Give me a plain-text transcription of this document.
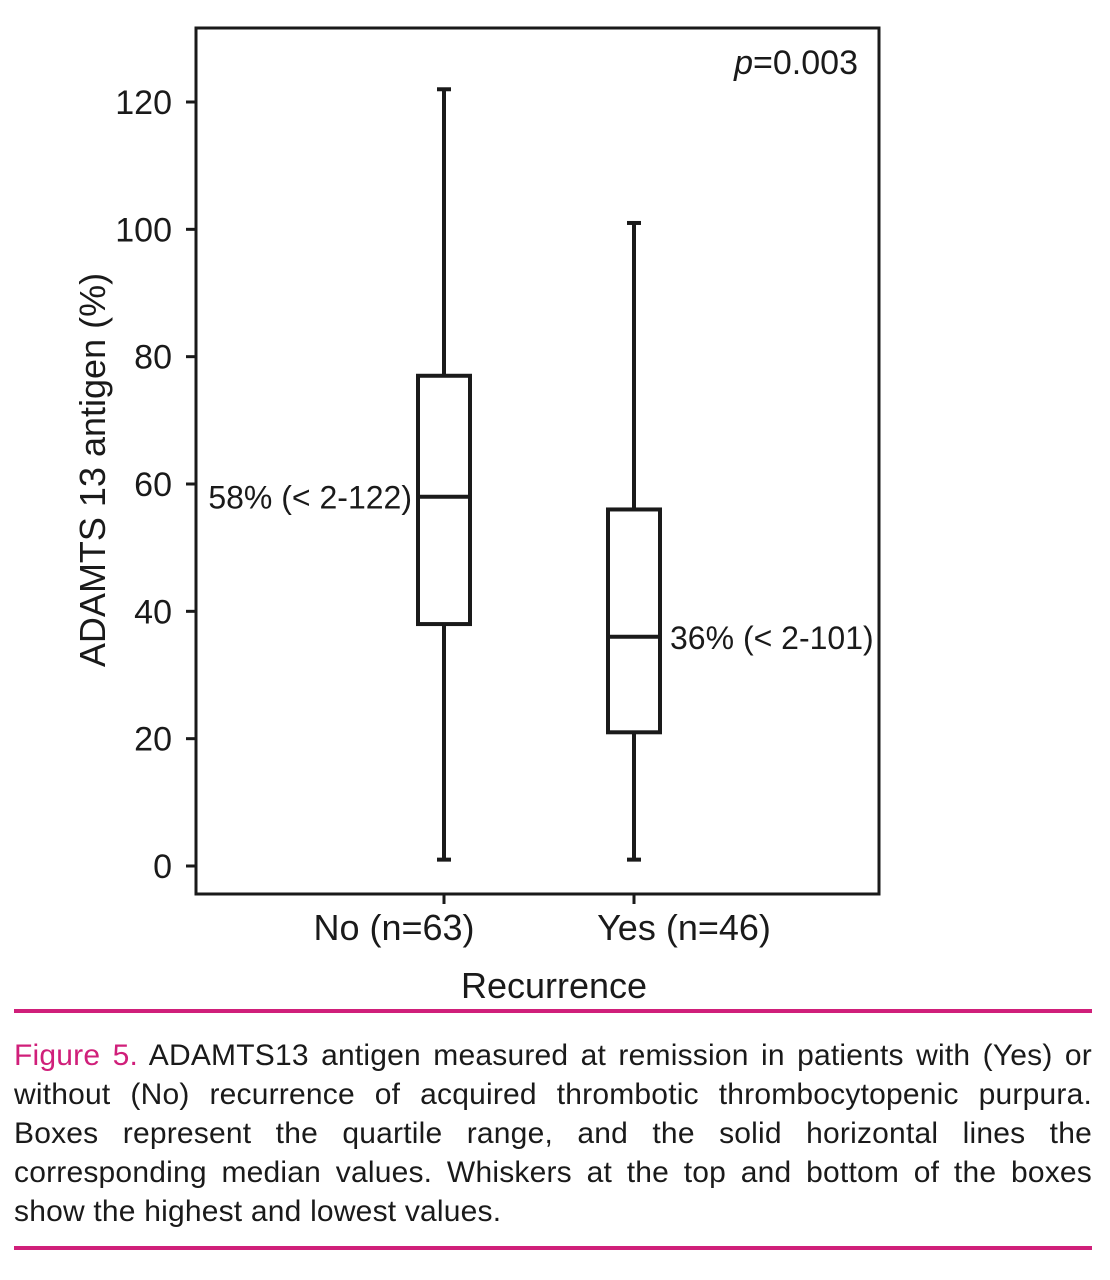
0
20
40
60
80
100
120
58% (< 2-122)
36% (< 2-101)
p=0.003
ADAMTS 13 antigen (%)
No (n=63)	Yes (n=46)
Recurrence
Figure 5. ADAMTS13 antigen measured at remission in patients with (Yes) or without (No) recurrence of acquired thrombotic thrombocytopenic purpura. Boxes represent the quartile range, and the solid horizontal lines the corresponding median values. Whiskers at the top and bottom of the boxes show the highest and lowest values.
